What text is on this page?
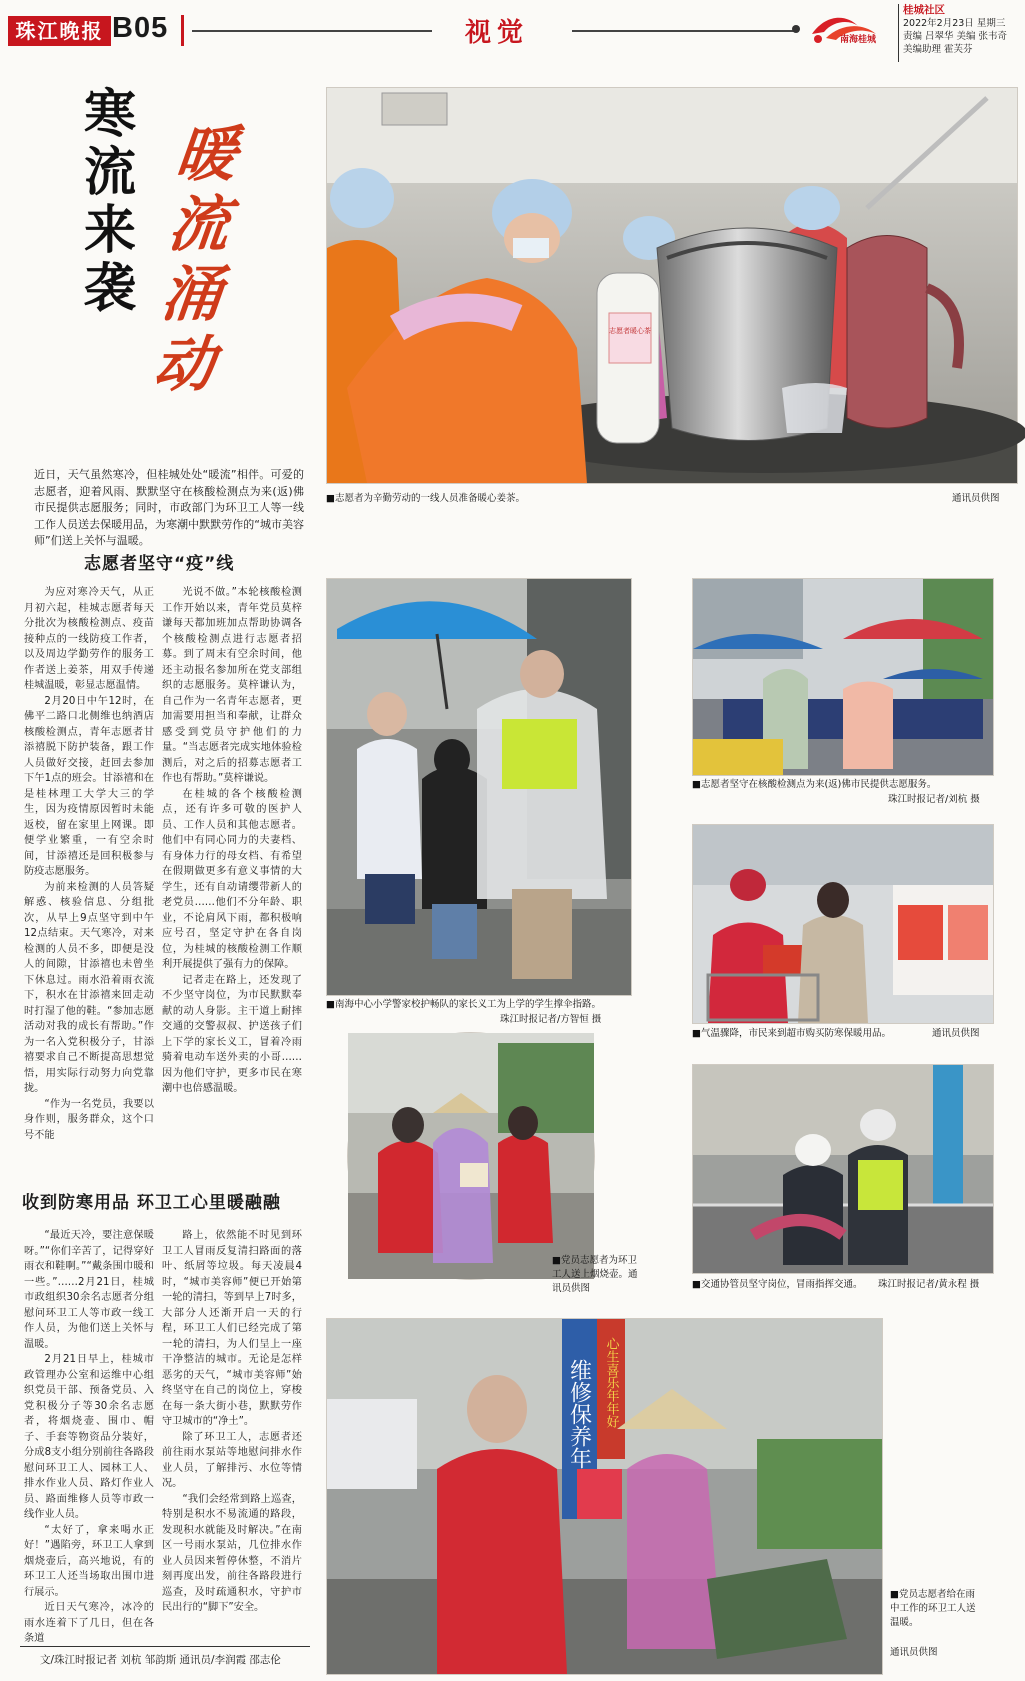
珠江晚报 B05	视觉	南海桂城
桂城社区
2022年2月23日 星期三
责编 吕翠华 美编 张韦奇
美编助理 霍芙芬
寒流来袭
暖流涌动
近日，天气虽然寒冷，但桂城处处“暖流”相伴。可爱的志愿者，迎着风雨、默默坚守在核酸检测点为来(返)佛市民提供志愿服务；同时，市政部门为环卫工人等一线工作人员送去保暖用品，为寒潮中默默劳作的“城市美容师”们送上关怀与温暖。
志愿者暖心茶
■志愿者为辛勤劳动的一线人员准备暖心姜茶。	通讯员供图
志愿者坚守“疫”线

为应对寒冷天气，从正月初六起，桂城志愿者每天分批次为核酸检测点、疫苗接种点的一线防疫工作者，以及周边学勤劳作的服务工作者送上姜茶，用双手传递桂城温暖，彰显志愿温情。

2月20日中午12时，在佛平二路口北侧维也纳酒店核酸检测点，青年志愿者甘添禧脱下防护装备，跟工作人员做好交接，赶回去参加下午1点的班会。甘添禧和在是桂林理工大学大三的学生，因为疫情原因暂时未能返校，留在家里上网课。即便学业繁重，一有空余时间，甘添禧还是回积极参与防疫志愿服务。

为前来检测的人员答疑解惑、核验信息、分组批次，从早上9点坚守到中午12点结束。天气寒冷，对来检测的人员不多，即便是没人的间隙，甘添禧也未曾坐下休息过。雨水沿着雨衣流下，积水在甘添禧来回走动时打湿了他的鞋。“参加志愿活动对我的成长有帮助。”作为一名入党积极分子，甘添禧要求自己不断提高思想觉悟，用实际行动努力向党靠拢。

“作为一名党员，我要以身作则，服务群众，这个口号不能

光说不做。”本轮核酸检测工作开始以来，青年党员莫梓谦每天都加班加点帮助协调各个核酸检测点进行志愿者招募。到了周末有空余时间，他还主动报名参加所在党支部组织的志愿服务。莫梓谦认为，自己作为一名青年志愿者，更加需要用担当和奉献，让群众感受到党员守护他们的力量。“当志愿者完成实地体验检测后，对之后的招募志愿者工作也有帮助。”莫梓谦说。

在桂城的各个核酸检测点，还有许多可敬的医护人员、工作人员和其他志愿者。他们中有同心同力的夫妻档、有身体力行的母女档、有希望在假期做更多有意义事情的大学生，还有自动请缨带新人的老党员……他们不分年龄、职业，不论肩风下雨，都积极响应号召，坚定守护在各自岗位，为桂城的核酸检测工作顺利开展提供了强有力的保障。

记者走在路上，还发现了不少坚守岗位，为市民默默奉献的动人身影。主干道上耐摔交通的交警叔叔、护送孩子们上下学的家长义工，冒着冷雨骑着电动车送外卖的小哥……因为他们守护，更多市民在寒潮中也倍感温暖。

■南海中心小学警家校护畅队的家长义工为上学的学生撑伞指路。
珠江时报记者/方智恒 摄
■志愿者坚守在核酸检测点为来(返)佛市民提供志愿服务。
珠江时报记者/刘杭 摄
■气温骤降，市民来到超市购买防寒保暖用品。	通讯员供图
■党员志愿者为环卫工人送上烟烧壶。通讯员供图	■交通协管员坚守岗位，冒雨指挥交通。 珠江时报记者/黄永程 摄
收到防寒用品 环卫工心里暖融融

“最近天冷，要注意保暖呀。”“你们辛苦了，记得穿好雨衣和鞋啊。”“戴条围巾暖和一些。”……2月21日，桂城市政组织30余名志愿者分组慰问环卫工人等市政一线工作人员，为他们送上关怀与温暖。

2月21日早上，桂城市政管理办公室和运维中心组织党员干部、预备党员、入党积极分子等30余名志愿者，将烟烧壶、围巾、帽子、手套等物资品分装好，分成8支小组分别前往各路段慰问环卫工人、园林工人、排水作业人员、路灯作业人员、路面维修人员等市政一线作业人员。

“太好了，拿来喝水正好！”遇陷旁，环卫工人拿到烟烧壶后，高兴地说，有的环卫工人还当场取出围巾进行展示。

近日天气寒冷，冰冷的雨水连着下了几日，但在各条道

路上，依然能不时见到环卫工人冒雨反复清扫路面的落叶、纸屑等垃圾。每天凌晨4时，“城市美容师”便已开始第一轮的清扫，等到早上7时多，大部分人还渐开启一天的行程，环卫工人们已经完成了第一轮的清扫，为人们呈上一座干净整洁的城市。无论是怎样恶劣的天气，“城市美容师”始终坚守在自己的岗位上，穿梭在每一条大街小巷，默默劳作守卫城市的“净土”。

除了环卫工人，志愿者还前往雨水泵站等地慰问排水作业人员，了解排污、水位等情况。

“我们会经常到路上巡查，特别是积水不易流通的路段，发现积水就能及时解决。”在南区一号雨水泵站，几位排水作业人员因来暂停休整，不消片刻再度出发，前往各路段进行巡查，及时疏通积水，守护市民出行的“脚下”安全。

维修保养年 心生喜乐年年好
■党员志愿者给在雨中工作的环卫工人送温暖。
通讯员供图
文/珠江时报记者 刘杭 邹韵斯 通讯员/李润霞 邵志伦
